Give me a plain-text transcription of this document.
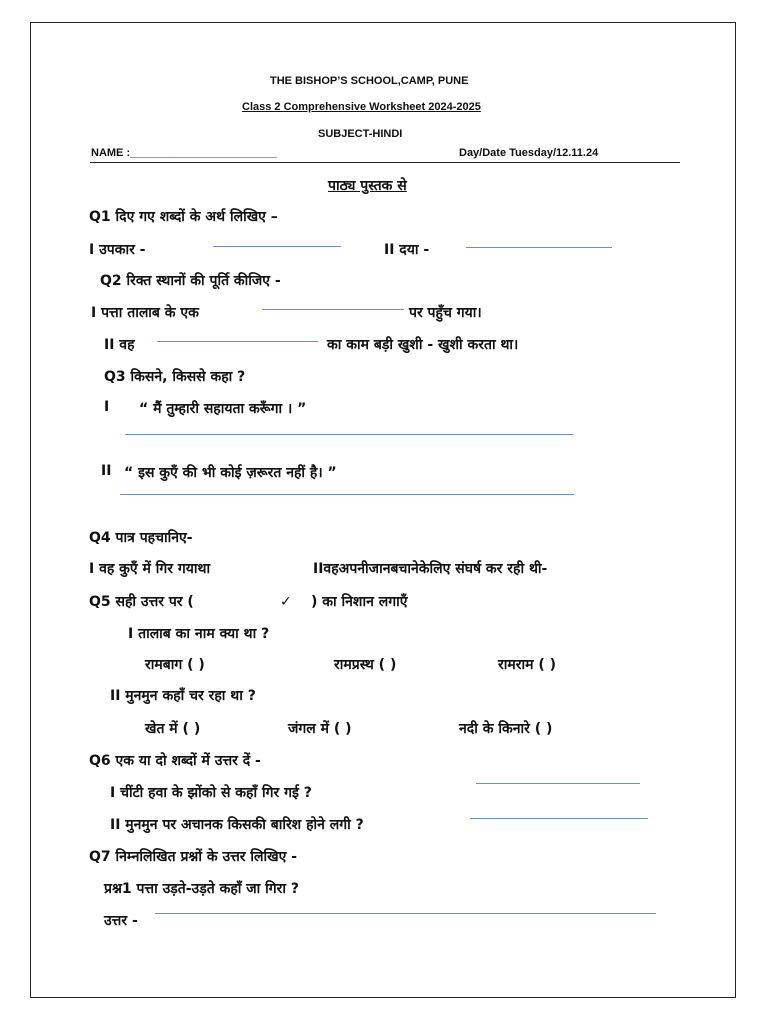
THE BISHOP’S SCHOOL,CAMP, PUNE
Class 2 Comprehensive Worksheet 2024-2025
SUBJECT-HINDI
NAME :________________________	Day/Date Tuesday/12.11.24
पाठ्य पुस्तक से
Q1 दिए गए शब्दों के अर्थ लिखिए –
I उपकार -	II दया -
Q2 रिक्त स्थानों की पूर्ति कीजिए -
I पत्ता तालाब के एक	पर पहुँच गया।
II वह	का काम बड़ी खुशी - खुशी करता था।
Q3 किसने, किससे कहा ?
I “ मैं तुम्हारी सहायता करूँगा । ”
II “ इस कुएँ की भी कोई ज़रूरत नहीं है। ”
Q4 पात्र पहचानिए-
I वह कुएँ में गिर गयाथा	IIवहअपनीजानबचानेकेलिए संघर्ष कर रही थी-
Q5 सही उत्तर पर (	✓ ) का निशान लगाएँ
I तालाब का नाम क्या था ?
रामबाग ( )	रामप्रस्थ ( )	रामराम ( )
II मुनमुन कहाँ चर रहा था ?
खेत में ( )	जंगल में ( )	नदी के किनारे ( )
Q6 एक या दो शब्दों में उत्तर दें -
I चींटी हवा के झोंको से कहाँ गिर गई ?
II मुनमुन पर अचानक किसकी बारिश होने लगी ?
Q7 निम्नलिखित प्रश्नों के उत्तर लिखिए -
प्रश्न1 पत्ता उड़ते-उड़ते कहाँ जा गिरा ?
उत्तर -
